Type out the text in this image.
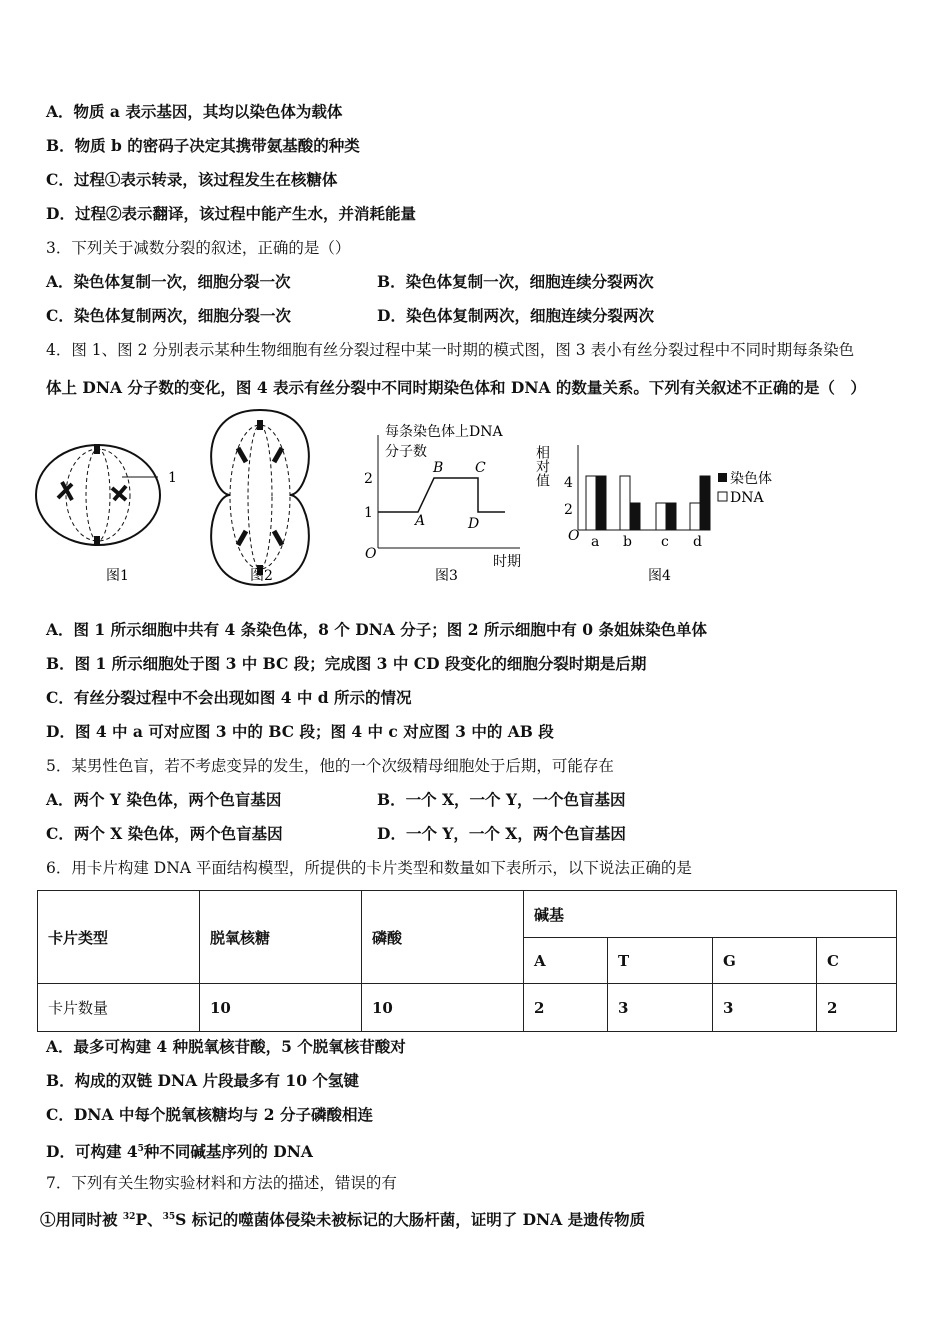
A．物质 a 表示基因，其均以染色体为载体
B．物质 b 的密码子决定其携带氨基酸的种类
C．过程①表示转录，该过程发生在核糖体
D．过程②表示翻译，该过程中能产生水，并消耗能量
3．下列关于减数分裂的叙述，正确的是（）
A．染色体复制一次，细胞分裂一次	B．染色体复制一次，细胞连续分裂两次
C．染色体复制两次，细胞分裂一次	D．染色体复制两次，细胞连续分裂两次
4．图 1、图 2 分别表示某种生物细胞有丝分裂过程中某一时期的模式图，图 3 表小有丝分裂过程中不同时期每条染色
体上 DNA 分子数的变化，图 4 表示有丝分裂中不同时期染色体和 DNA 的数量关系。下列有关叙述不正确的是（　）
1
图1	图2
每条染色体上DNA
分子数
1
2
A
B C
D
O	时期
图3
相对值 4
2
O a b c d
染色体
DNA
图4
A．图 1 所示细胞中共有 4 条染色体，8 个 DNA 分子；图 2 所示细胞中有 0 条姐妹染色单体
B．图 1 所示细胞处于图 3 中 BC 段；完成图 3 中 CD 段变化的细胞分裂时期是后期
C．有丝分裂过程中不会出现如图 4 中 d 所示的情况
D．图 4 中 a 可对应图 3 中的 BC 段；图 4 中 c 对应图 3 中的 AB 段
5．某男性色盲，若不考虑变异的发生，他的一个次级精母细胞处于后期，可能存在
A．两个 Y 染色体，两个色盲基因	B．一个 X，一个 Y，一个色盲基因
C．两个 X 染色体，两个色盲基因	D．一个 Y，一个 X，两个色盲基因
6．用卡片构建 DNA 平面结构模型，所提供的卡片类型和数量如下表所示，以下说法正确的是
卡片类型	脱氧核糖	磷酸	碱基			
			A	T	G	C
卡片数量	10	10	2	3	3	2
A．最多可构建 4 种脱氧核苷酸，5 个脱氧核苷酸对
B．构成的双链 DNA 片段最多有 10 个氢键
C．DNA 中每个脱氧核糖均与 2 分子磷酸相连
D．可构建 $4^5$种不同碱基序列的 DNA
7．下列有关生物实验材料和方法的描述，错误的有
①用同时被 $^{32}$P、$^{35}$S 标记的噬菌体侵染未被标记的大肠杆菌，证明了 DNA 是遗传物质
